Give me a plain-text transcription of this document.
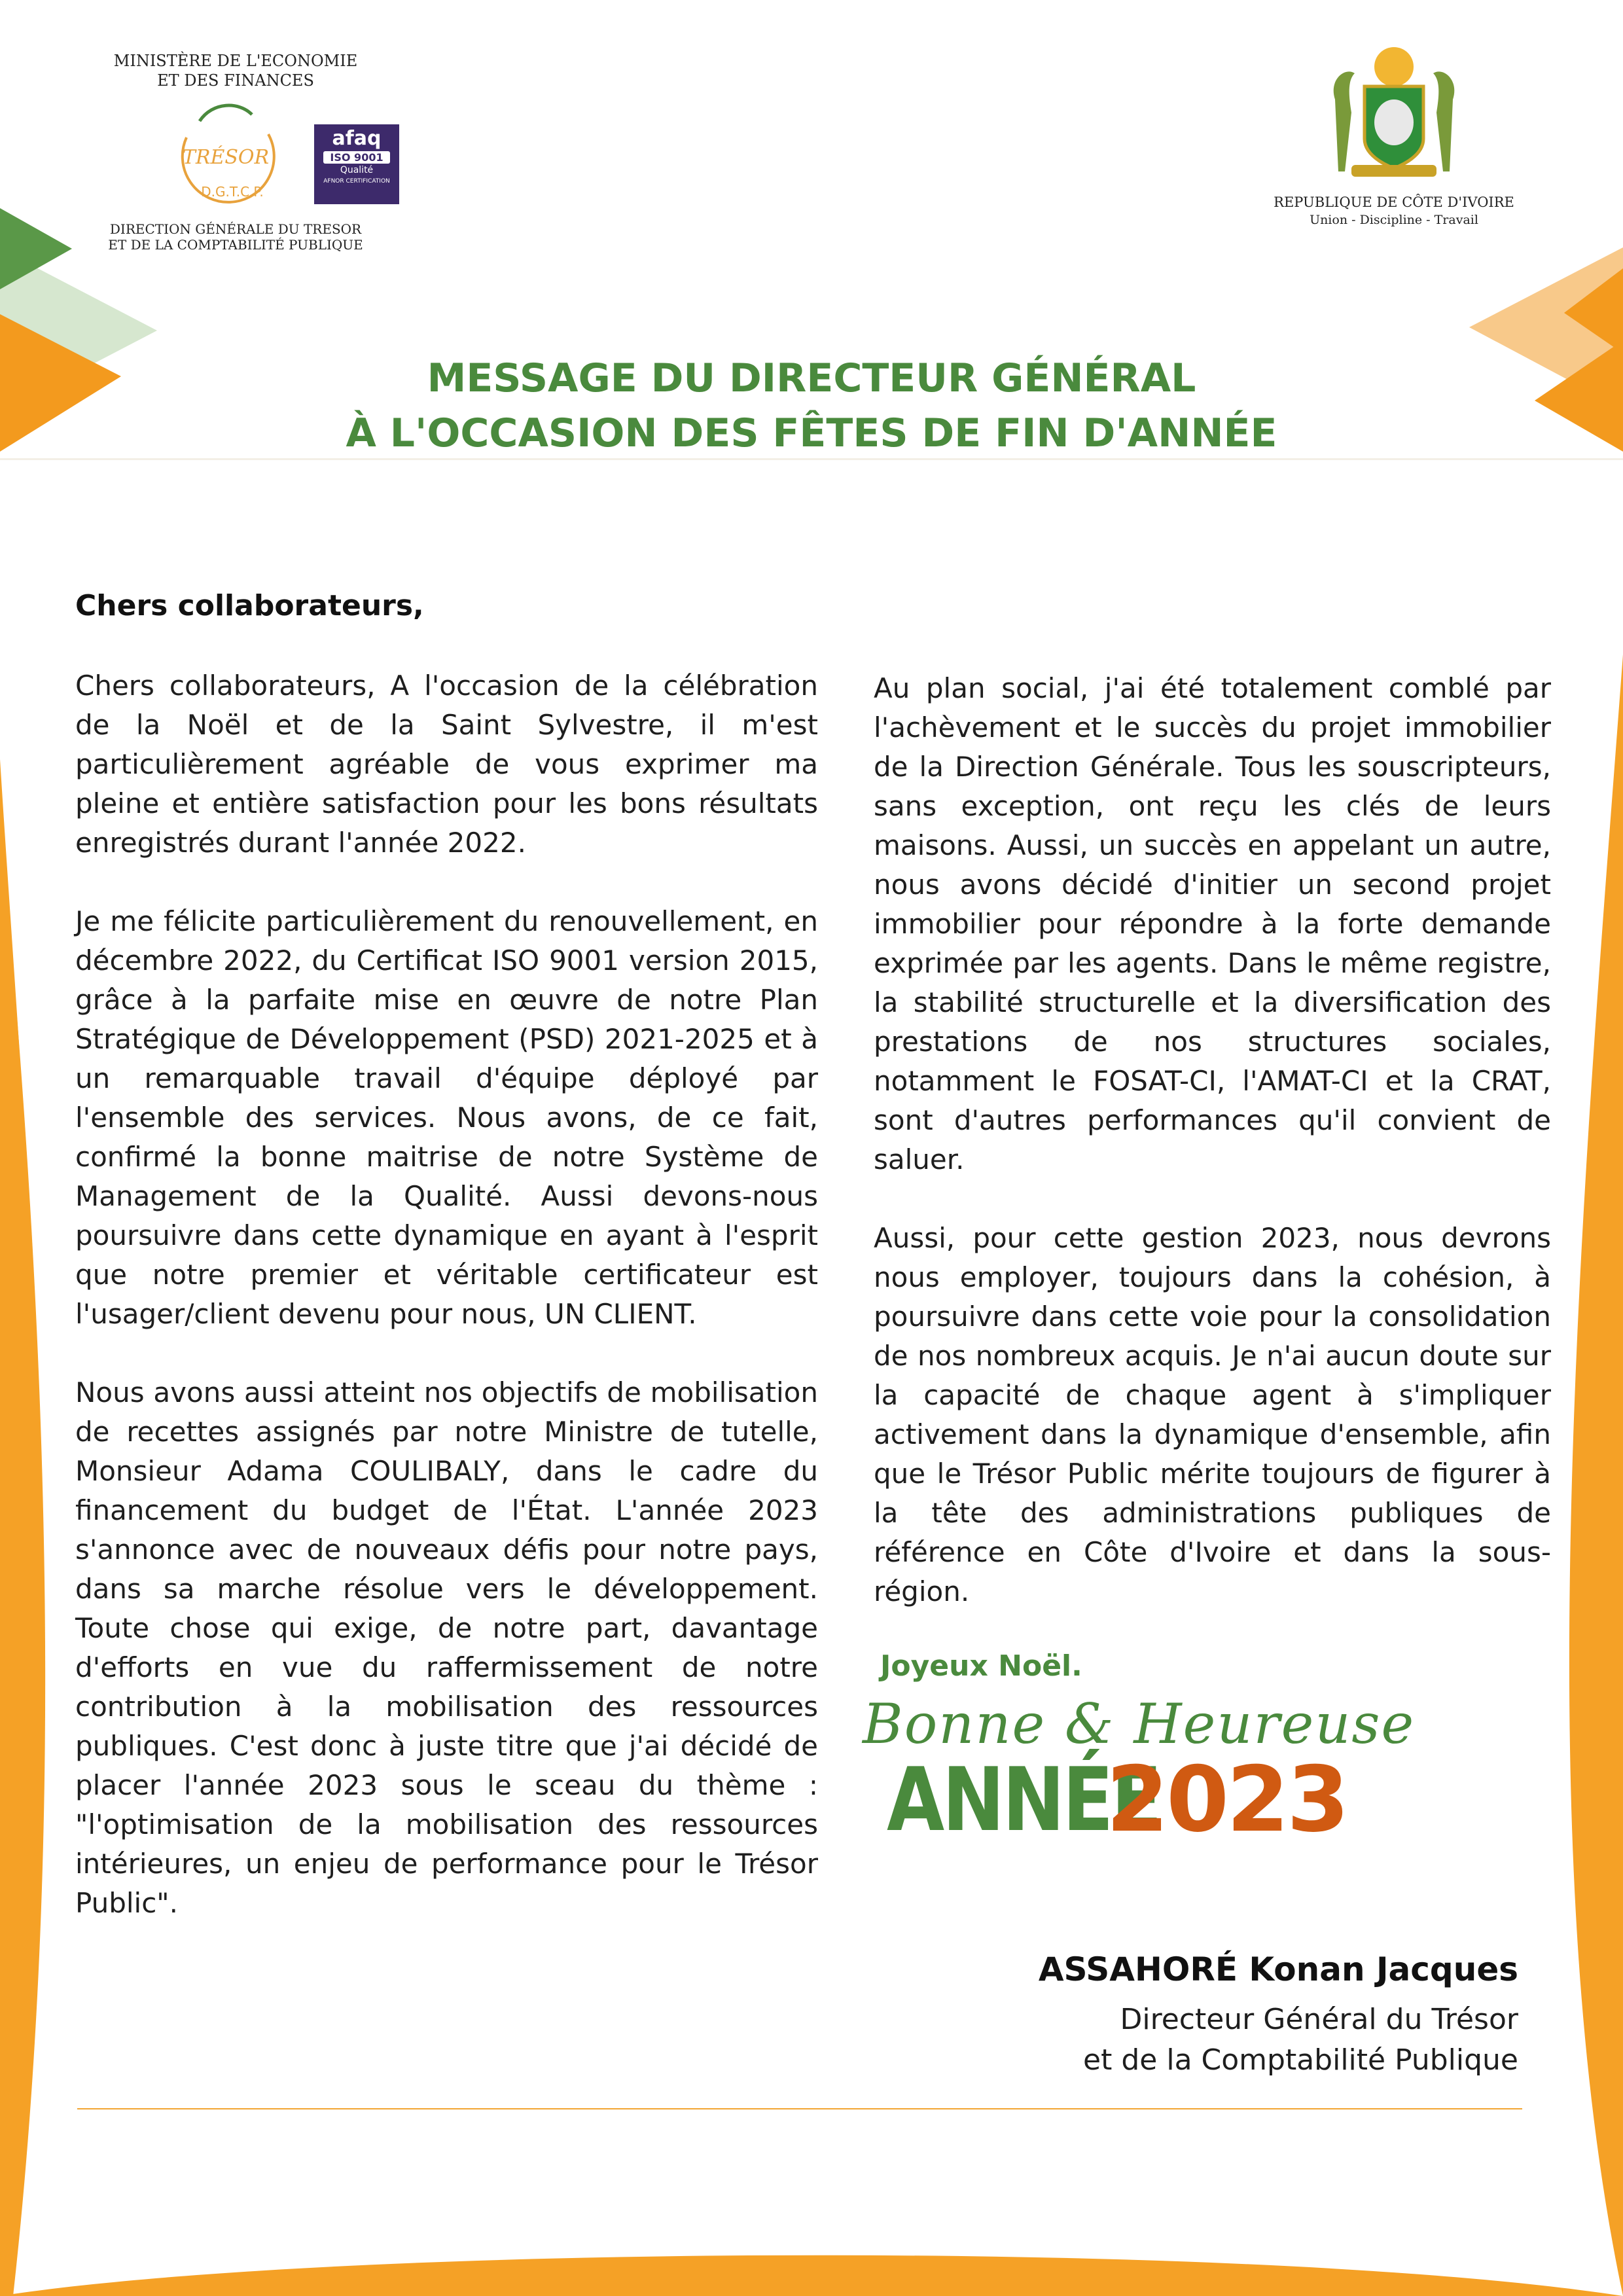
MINISTÈRE DE L'ECONOMIE
ET DES FINANCES
TRÉSOR
D.G.T.C.P.
afaq
ISO 9001
Qualité
AFNOR CERTIFICATION
DIRECTION GÉNÉRALE DU TRESOR
ET DE LA COMPTABILITÉ PUBLIQUE
REPUBLIQUE DE CÔTE D'IVOIRE
Union - Discipline - Travail
MESSAGE DU DIRECTEUR GÉNÉRAL
À L'OCCASION DES FÊTES DE FIN D'ANNÉE
Chers collaborateurs,

Chers collaborateurs, A l'occasion de la célébration de la Noël et de la Saint Sylvestre, il m'est particulièrement agréable de vous exprimer ma pleine et entière satisfaction pour les bons résultats enregistrés durant l'année 2022.

Je me félicite particulièrement du renouvellement, en décembre 2022, du Certificat ISO 9001 version 2015, grâce à la parfaite mise en œuvre de notre Plan Stratégique de Développement (PSD) 2021-2025 et à un remarquable travail d'équipe déployé par l'ensemble des services. Nous avons, de ce fait, confirmé la bonne maitrise de notre Système de Management de la Qualité. Aussi devons-nous poursuivre dans cette dynamique en ayant à l'esprit que notre premier et véritable certificateur est l'usager/client devenu pour nous, UN CLIENT.

Nous avons aussi atteint nos objectifs de mobilisation de recettes assignés par notre Ministre de tutelle, Monsieur Adama COULIBALY, dans le cadre du financement du budget de l'État. L'année 2023 s'annonce avec de nouveaux défis pour notre pays, dans sa marche résolue vers le développement. Toute chose qui exige, de notre part, davantage d'efforts en vue du raffermissement de notre contribution à la mobilisation des ressources publiques. C'est donc à juste titre que j'ai décidé de placer l'année 2023 sous le sceau du thème : "l'optimisation de la mobilisation des ressources intérieures, un enjeu de performance pour le Trésor Public".

Au plan social, j'ai été totalement comblé par l'achèvement et le succès du projet immobilier de la Direction Générale. Tous les souscripteurs, sans exception, ont reçu les clés de leurs maisons. Aussi, un succès en appelant un autre, nous avons décidé d'initier un second projet immobilier pour répondre à la forte demande exprimée par les agents. Dans le même registre, la stabilité structurelle et la diversification des prestations de nos structures sociales, notamment le FOSAT-CI, l'AMAT-CI et la CRAT, sont d'autres performances qu'il convient de saluer.

Aussi, pour cette gestion 2023, nous devrons nous employer, toujours dans la cohésion, à poursuivre dans cette voie pour la consolidation de nos nombreux acquis. Je n'ai aucun doute sur la capacité de chaque agent à s'impliquer activement dans la dynamique d'ensemble, afin que le Trésor Public mérite toujours de figurer à la tête des administrations publiques de référence en Côte d'Ivoire et dans la sous-région.

Joyeux Noël.
Bonne & Heureuse
ANNÉE
2023
ASSAHORÉ Konan Jacques
Directeur Général du Trésor
et de la Comptabilité Publique
